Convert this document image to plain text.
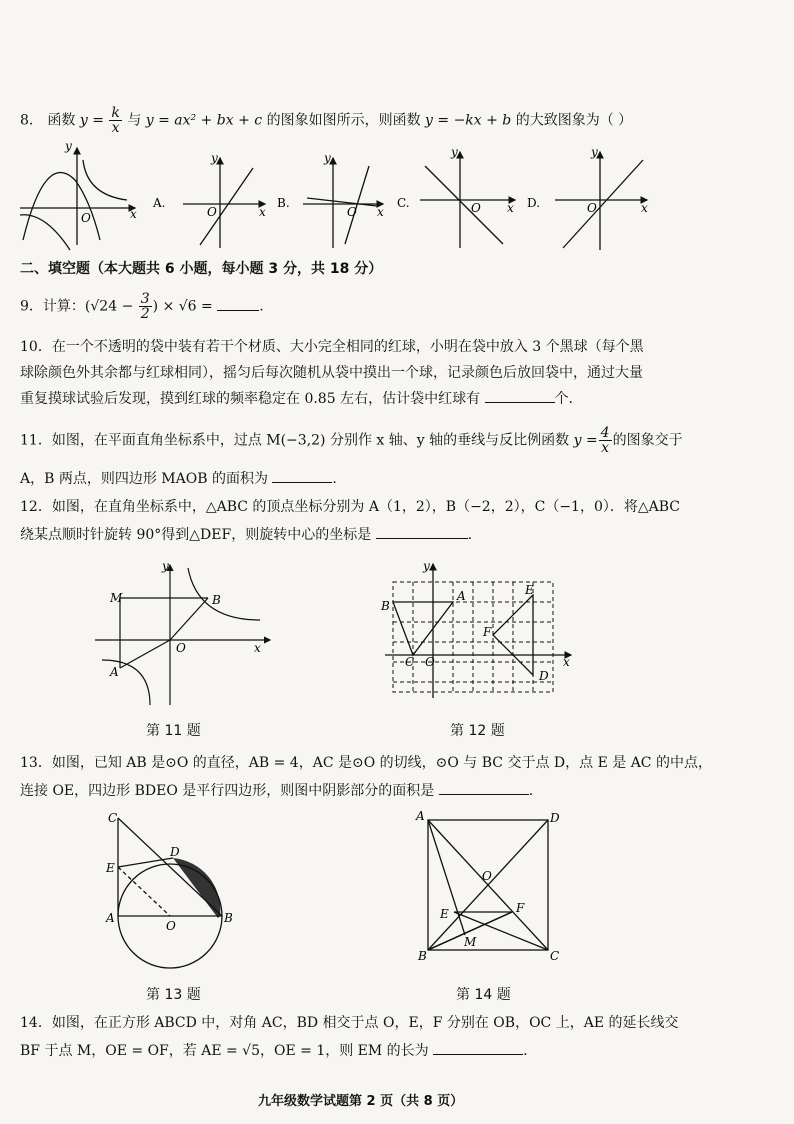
8． 函数 $y = \frac{k}{x}$ 与 y = ax² + bx + c 的图象如图所示，则函数 y = −kx + b 的大致图象为（ ）
y
x
O
A.
y
x
O
B.
y
x
O
C.
y
x
O	D.
y
x
O
二、填空题（本大题共 6 小题，每小题 3 分，共 18 分）
9．计算：($√24 - \frac{3}{2}$ ) × √6 =	.
10．在一个不透明的袋中装有若干个材质、大小完全相同的红球，小明在袋中放入 3 个黑球（每个黑
球除颜色外其余都与红球相同），摇匀后每次随机从袋中摸出一个球，记录颜色后放回袋中，通过大量
重复摸球试验后发现，摸到红球的频率稳定在 0.85 左右，估计袋中红球有	个.
11．如图，在平面直角坐标系中，过点 M(−3,2) 分别作 x 轴、y 轴的垂线与反比例函数 $y = \frac{4}{x}$ 的图象交于
A，B 两点，则四边形 MAOB 的面积为	.
12．如图，在直角坐标系中，△ABC 的顶点坐标分别为 A（1，2），B（−2，2），C（−1，0）．将△ABC
绕某点顺时针旋转 90°得到△DEF，则旋转中心的坐标是	.
y
x
O
M	B
A
第 11 题
y
x
O
B
A
C
E
F
D
第 12 题
13．如图，已知 AB 是⊙O 的直径，AB = 4，AC 是⊙O 的切线，⊙O 与 BC 交于点 D，点 E 是 AC 的中点，
连接 OE，四边形 BDEO 是平行四边形，则图中阴影部分的面积是	.
C
E
D
A
O
B
第 13 题
A	D
O
E	F
M
B	C
第 14 题
14．如图，在正方形 ABCD 中，对角 AC，BD 相交于点 O，E，F 分别在 OB，OC 上，AE 的延长线交
BF 于点 M，OE = OF，若 AE = √5，OE = 1，则 EM 的长为	.
九年级数学试题第 2 页（共 8 页）
